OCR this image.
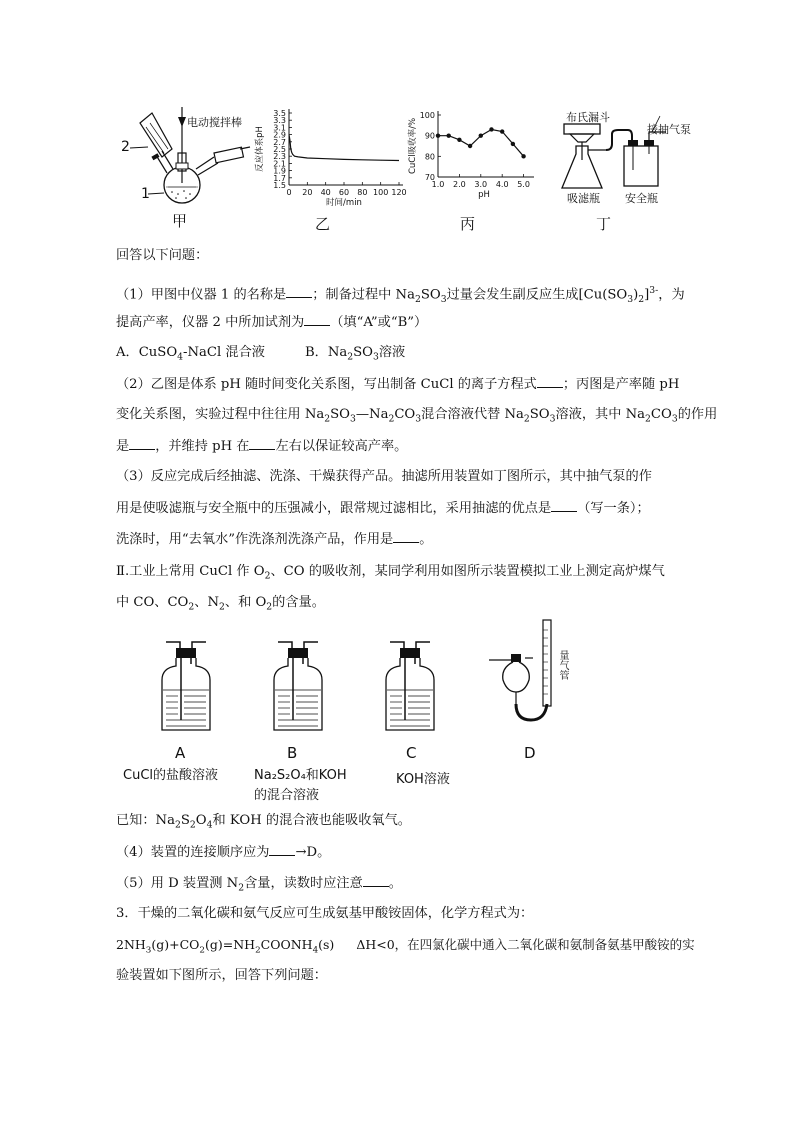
2
1
电动搅拌棒
甲
3.5
3.3
3.1
2.9
2.7
2.5
2.3
2.1
1.9
1.7
1.5
0 20 40 60 80 100 120
时间/min
反应体系pH
乙
70
80
90
100
1.0 2.0 3.0 4.0 5.0
pH
CuCl吸收率/%
丙
布氏漏斗
接抽气泵
吸滤瓶 安全瓶
丁
回答以下问题：
（1）甲图中仪器 1 的名称是 ；制备过程中 $Na_2SO_3$过量会发生副反应生成$[Cu(SO_3)_2]^{3-}$，为
提高产率，仪器 2 中所加试剂为 （填“A”或“B”）
A．CuSO$_4$-NaCl 混合液	B．$Na_2SO_3$溶液
（2）乙图是体系 pH 随时间变化关系图，写出制备 CuCl 的离子方程式 ；丙图是产率随 pH
变化关系图，实验过程中往往用 $Na_2SO_3—Na_2CO_3$混合溶液代替 $Na_2SO_3$溶液，其中 $Na_2CO_3$的作用
是 ，并维持 pH 在 左右以保证较高产率。
（3）反应完成后经抽滤、洗涤、干燥获得产品。抽滤所用装置如丁图所示，其中抽气泵的作
用是使吸滤瓶与安全瓶中的压强减小，跟常规过滤相比，采用抽滤的优点是 （写一条）；
洗涤时，用“去氧水”作洗涤剂洗涤产品，作用是 。
Ⅱ.工业上常用 CuCl 作 $O_2$、CO 的吸收剂，某同学利用如图所示装置模拟工业上测定高炉煤气
中 CO、$CO_2$、$N_2$、和 $O_2$的含量。
量气管
A	B	C	D
CuCl的盐酸溶液	Na₂S₂O₄和KOH
的混合溶液
KOH溶液
已知：$Na_2S_2O_4$和 KOH 的混合液也能吸收氧气。
（4）装置的连接顺序应为 →D。
（5）用 D 装置测 $N_2$含量，读数时应注意 。
3．干燥的二氧化碳和氨气反应可生成氨基甲酸铵固体，化学方程式为：
$2NH_3(g)+CO_2(g)=NH_2COONH_4(s)$ ΔH<0，在四氯化碳中通入二氧化碳和氨制备氨基甲酸铵的实
验装置如下图所示，回答下列问题：
